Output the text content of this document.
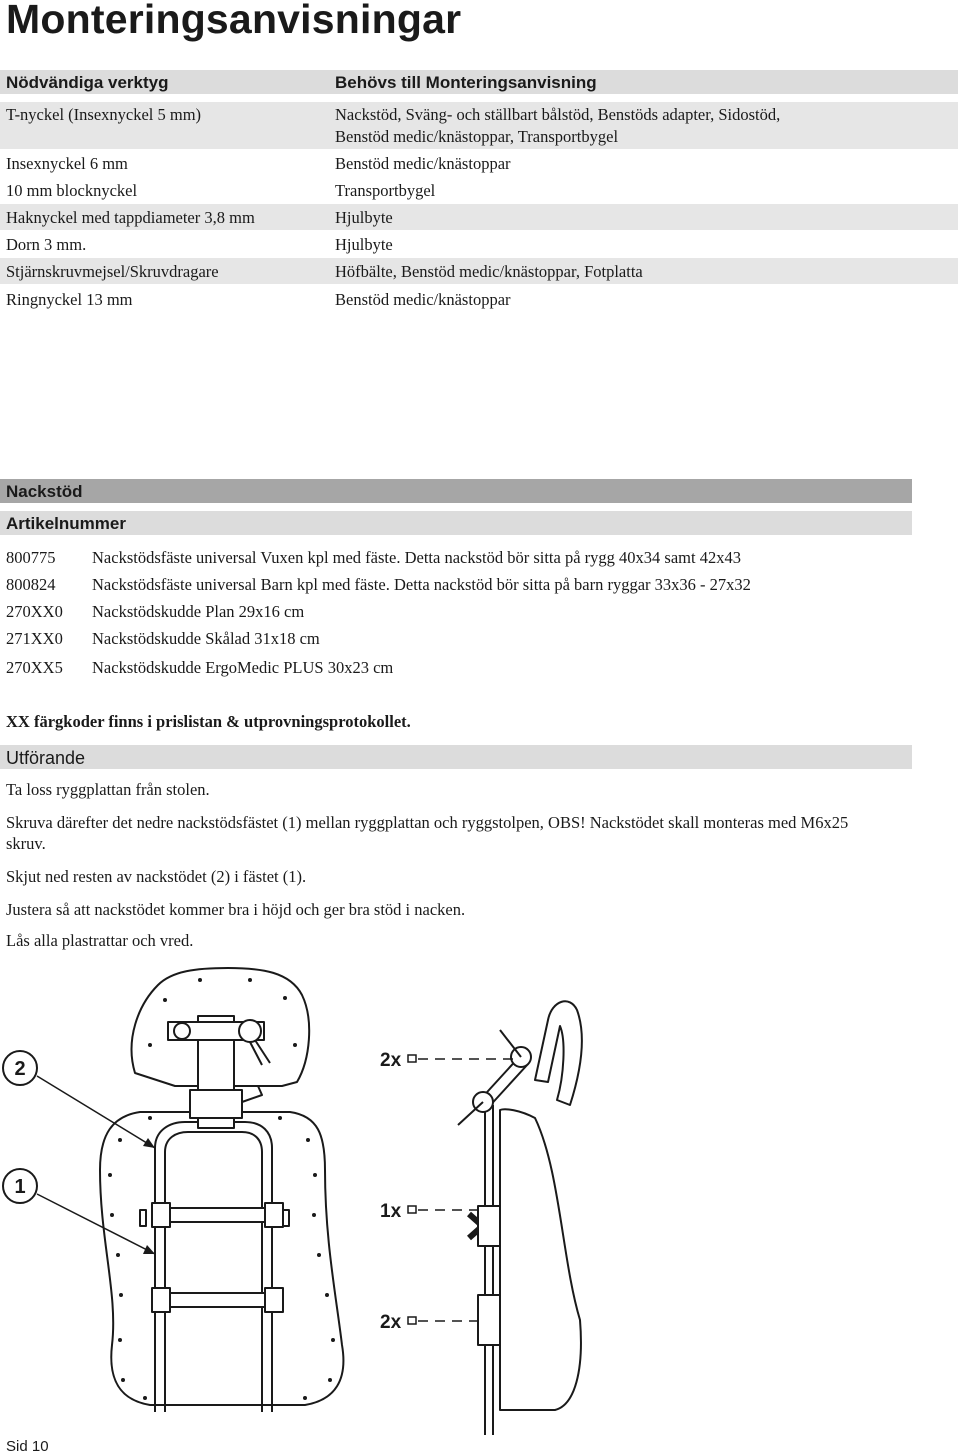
Monteringsanvisningar
Nödvändiga verktyg	Behövs till Monteringsanvisning
T-nyckel (Insexnyckel 5 mm)	Nackstöd, Sväng- och ställbart bålstöd, Benstöds adapter, Sidostöd,
Benstöd medic/knästoppar, Transportbygel
Insexnyckel 6 mm	Benstöd medic/knästoppar
10 mm blocknyckel	Transportbygel
Haknyckel med tappdiameter 3,8 mm	Hjulbyte
Dorn 3 mm.	Hjulbyte
Stjärnskruvmejsel/Skruvdragare	Höfbälte, Benstöd medic/knästoppar, Fotplatta
Ringnyckel 13 mm	Benstöd medic/knästoppar
Nackstöd
Artikelnummer
800775 Nackstödsfäste universal Vuxen kpl med fäste. Detta nackstöd bör sitta på rygg 40x34 samt 42x43
800824 Nackstödsfäste universal Barn kpl med fäste. Detta nackstöd bör sitta på barn ryggar 33x36 - 27x32
270XX0 Nackstödskudde Plan 29x16 cm
271XX0 Nackstödskudde Skålad 31x18 cm
270XX5 Nackstödskudde ErgoMedic PLUS 30x23 cm
XX färgkoder finns i prislistan & utprovningsprotokollet.
Utförande
Ta loss ryggplattan från stolen.
Skruva därefter det nedre nackstödsfästet (1) mellan ryggplattan och ryggstolpen, OBS! Nackstödet skall monteras med M6x25 skruv.
Skjut ned resten av nackstödet (2) i fästet (1).
Justera så att nackstödet kommer bra i höjd och ger bra stöd i nacken.
Lås alla plastrattar och vred.
2
1
2x
1x
2x
Sid 10
